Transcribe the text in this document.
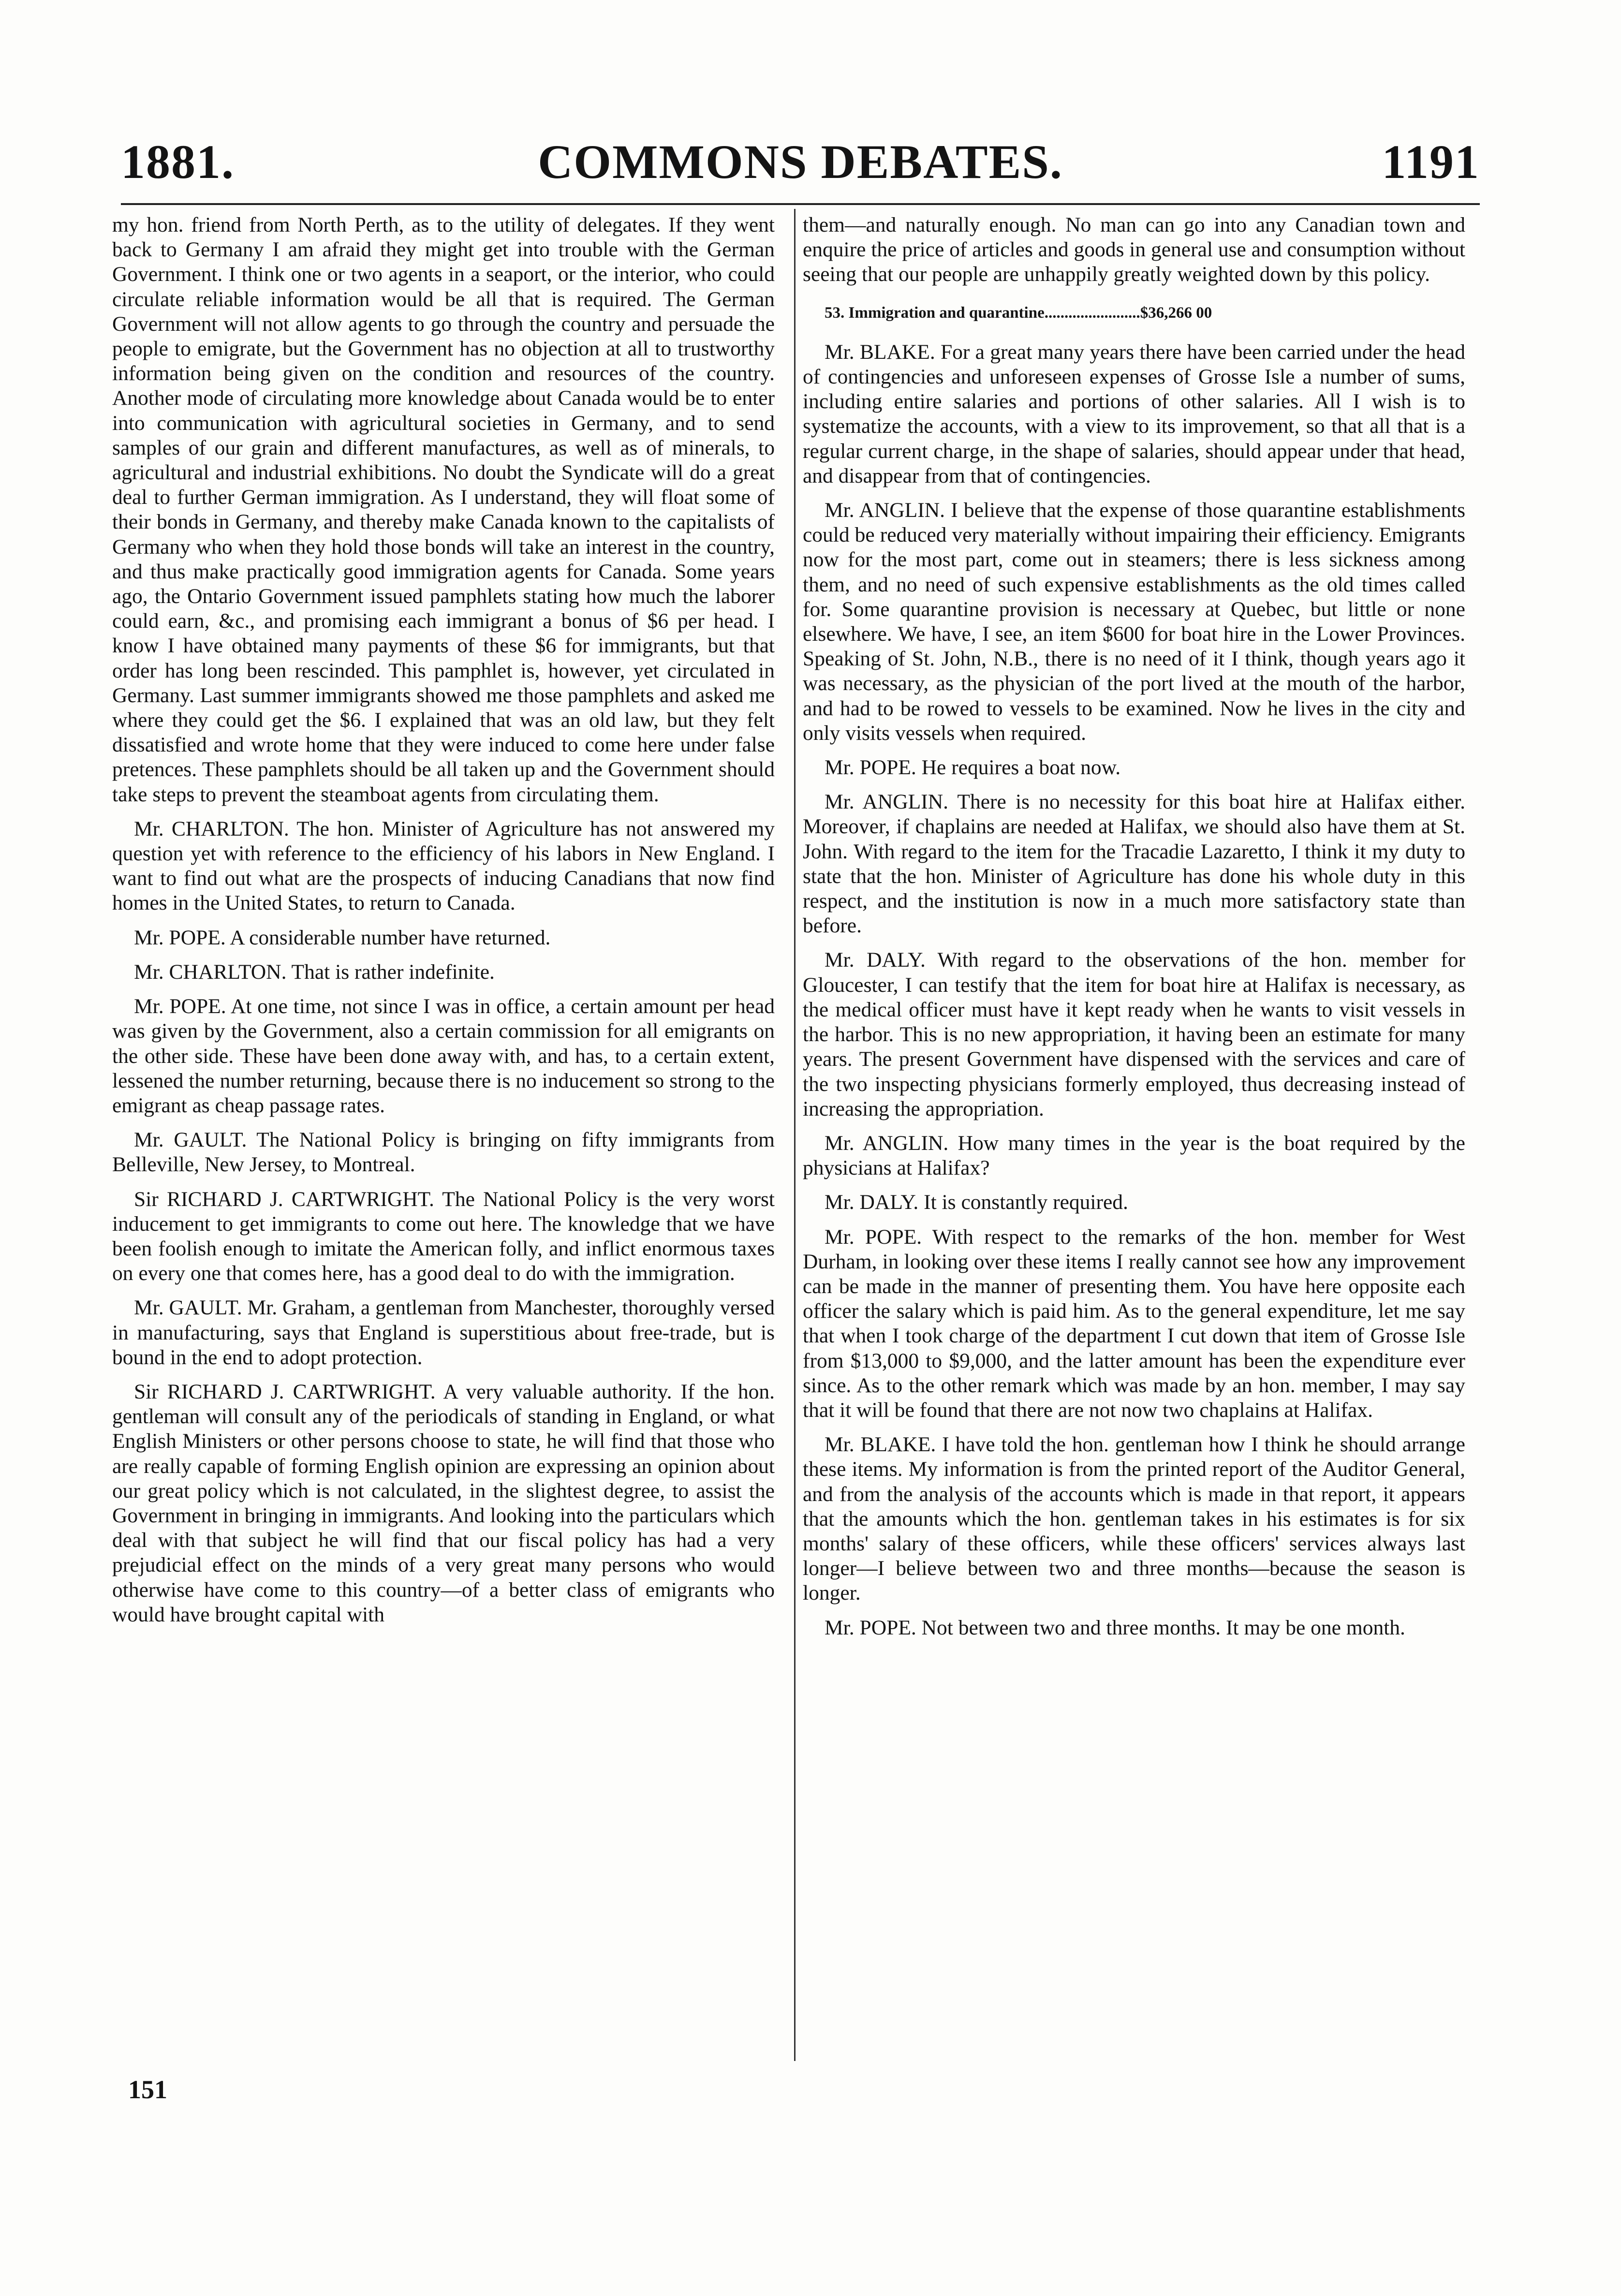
1881.	COMMONS DEBATES.	1191

my hon. friend from North Perth, as to the utility of delegates. If they went back to Germany I am afraid they might get into trouble with the German Government. I think one or two agents in a seaport, or the interior, who could circulate reliable information would be all that is required. The German Government will not allow agents to go through the country and persuade the people to emigrate, but the Government has no objection at all to trustworthy information being given on the condition and resources of the country. Another mode of circulating more knowledge about Canada would be to enter into communication with agricultural societies in Germany, and to send samples of our grain and different manufactures, as well as of minerals, to agricultural and industrial exhibitions. No doubt the Syndicate will do a great deal to further German immigration. As I understand, they will float some of their bonds in Germany, and thereby make Canada known to the capitalists of Germany who when they hold those bonds will take an interest in the country, and thus make practically good immigration agents for Canada. Some years ago, the Ontario Government issued pamphlets stating how much the laborer could earn, &c., and promising each immigrant a bonus of $6 per head. I know I have obtained many payments of these $6 for immigrants, but that order has long been rescinded. This pamphlet is, however, yet circulated in Germany. Last summer immigrants showed me those pamphlets and asked me where they could get the $6. I explained that was an old law, but they felt dissatisfied and wrote home that they were induced to come here under false pretences. These pamphlets should be all taken up and the Government should take steps to prevent the steamboat agents from circulating them.

Mr. CHARLTON. The hon. Minister of Agriculture has not answered my question yet with reference to the efficiency of his labors in New England. I want to find out what are the prospects of inducing Canadians that now find homes in the United States, to return to Canada.

Mr. POPE. A considerable number have returned.

Mr. CHARLTON. That is rather indefinite.

Mr. POPE. At one time, not since I was in office, a certain amount per head was given by the Government, also a certain commission for all emigrants on the other side. These have been done away with, and has, to a certain extent, lessened the number returning, because there is no inducement so strong to the emigrant as cheap passage rates.

Mr. GAULT. The National Policy is bringing on fifty immigrants from Belleville, New Jersey, to Montreal.

Sir RICHARD J. CARTWRIGHT. The National Policy is the very worst inducement to get immigrants to come out here. The knowledge that we have been foolish enough to imitate the American folly, and inflict enormous taxes on every one that comes here, has a good deal to do with the immigration.

Mr. GAULT. Mr. Graham, a gentleman from Manchester, thoroughly versed in manufacturing, says that England is superstitious about free-trade, but is bound in the end to adopt protection.

Sir RICHARD J. CARTWRIGHT. A very valuable authority. If the hon. gentleman will consult any of the periodicals of standing in England, or what English Ministers or other persons choose to state, he will find that those who are really capable of forming English opinion are expressing an opinion about our great policy which is not calculated, in the slightest degree, to assist the Government in bringing in immigrants. And looking into the particulars which deal with that subject he will find that our fiscal policy has had a very prejudicial effect on the minds of a very great many persons who would otherwise have come to this country—of a better class of emigrants who would have brought capital with

them—and naturally enough. No man can go into any Canadian town and enquire the price of articles and goods in general use and consumption without seeing that our people are unhappily greatly weighted down by this policy.

53. Immigration and quarantine........................$36,266 00

Mr. BLAKE. For a great many years there have been carried under the head of contingencies and unforeseen expenses of Grosse Isle a number of sums, including entire salaries and portions of other salaries. All I wish is to systematize the accounts, with a view to its improvement, so that all that is a regular current charge, in the shape of salaries, should appear under that head, and disappear from that of contingencies.

Mr. ANGLIN. I believe that the expense of those quarantine establishments could be reduced very materially without impairing their efficiency. Emigrants now for the most part, come out in steamers; there is less sickness among them, and no need of such expensive establishments as the old times called for. Some quarantine provision is necessary at Quebec, but little or none elsewhere. We have, I see, an item $600 for boat hire in the Lower Provinces. Speaking of St. John, N.B., there is no need of it I think, though years ago it was necessary, as the physician of the port lived at the mouth of the harbor, and had to be rowed to vessels to be examined. Now he lives in the city and only visits vessels when required.

Mr. POPE. He requires a boat now.

Mr. ANGLIN. There is no necessity for this boat hire at Halifax either. Moreover, if chaplains are needed at Halifax, we should also have them at St. John. With regard to the item for the Tracadie Lazaretto, I think it my duty to state that the hon. Minister of Agriculture has done his whole duty in this respect, and the institution is now in a much more satisfactory state than before.

Mr. DALY. With regard to the observations of the hon. member for Gloucester, I can testify that the item for boat hire at Halifax is necessary, as the medical officer must have it kept ready when he wants to visit vessels in the harbor. This is no new appropriation, it having been an estimate for many years. The present Government have dispensed with the services and care of the two inspecting physicians formerly employed, thus decreasing instead of increasing the appropriation.

Mr. ANGLIN. How many times in the year is the boat required by the physicians at Halifax?

Mr. DALY. It is constantly required.

Mr. POPE. With respect to the remarks of the hon. member for West Durham, in looking over these items I really cannot see how any improvement can be made in the manner of presenting them. You have here opposite each officer the salary which is paid him. As to the general expenditure, let me say that when I took charge of the department I cut down that item of Grosse Isle from $13,000 to $9,000, and the latter amount has been the expenditure ever since. As to the other remark which was made by an hon. member, I may say that it will be found that there are not now two chaplains at Halifax.

Mr. BLAKE. I have told the hon. gentleman how I think he should arrange these items. My information is from the printed report of the Auditor General, and from the analysis of the accounts which is made in that report, it appears that the amounts which the hon. gentleman takes in his estimates is for six months' salary of these officers, while these officers' services always last longer—I believe between two and three months—because the season is longer.

Mr. POPE. Not between two and three months. It may be one month.

151
